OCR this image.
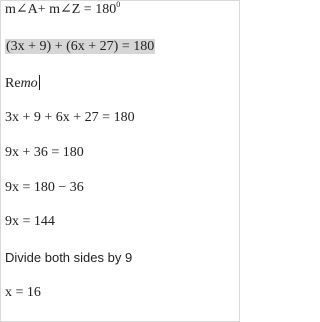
m∠A+ m∠Z = $180^0$
(3x + 9) + (6x + 27) = 180
Remo
3x + 9 + 6x + 27 = 180
9x + 36 = 180
9x = 180 − 36
9x = 144
Divide both sides by 9
x = 16
